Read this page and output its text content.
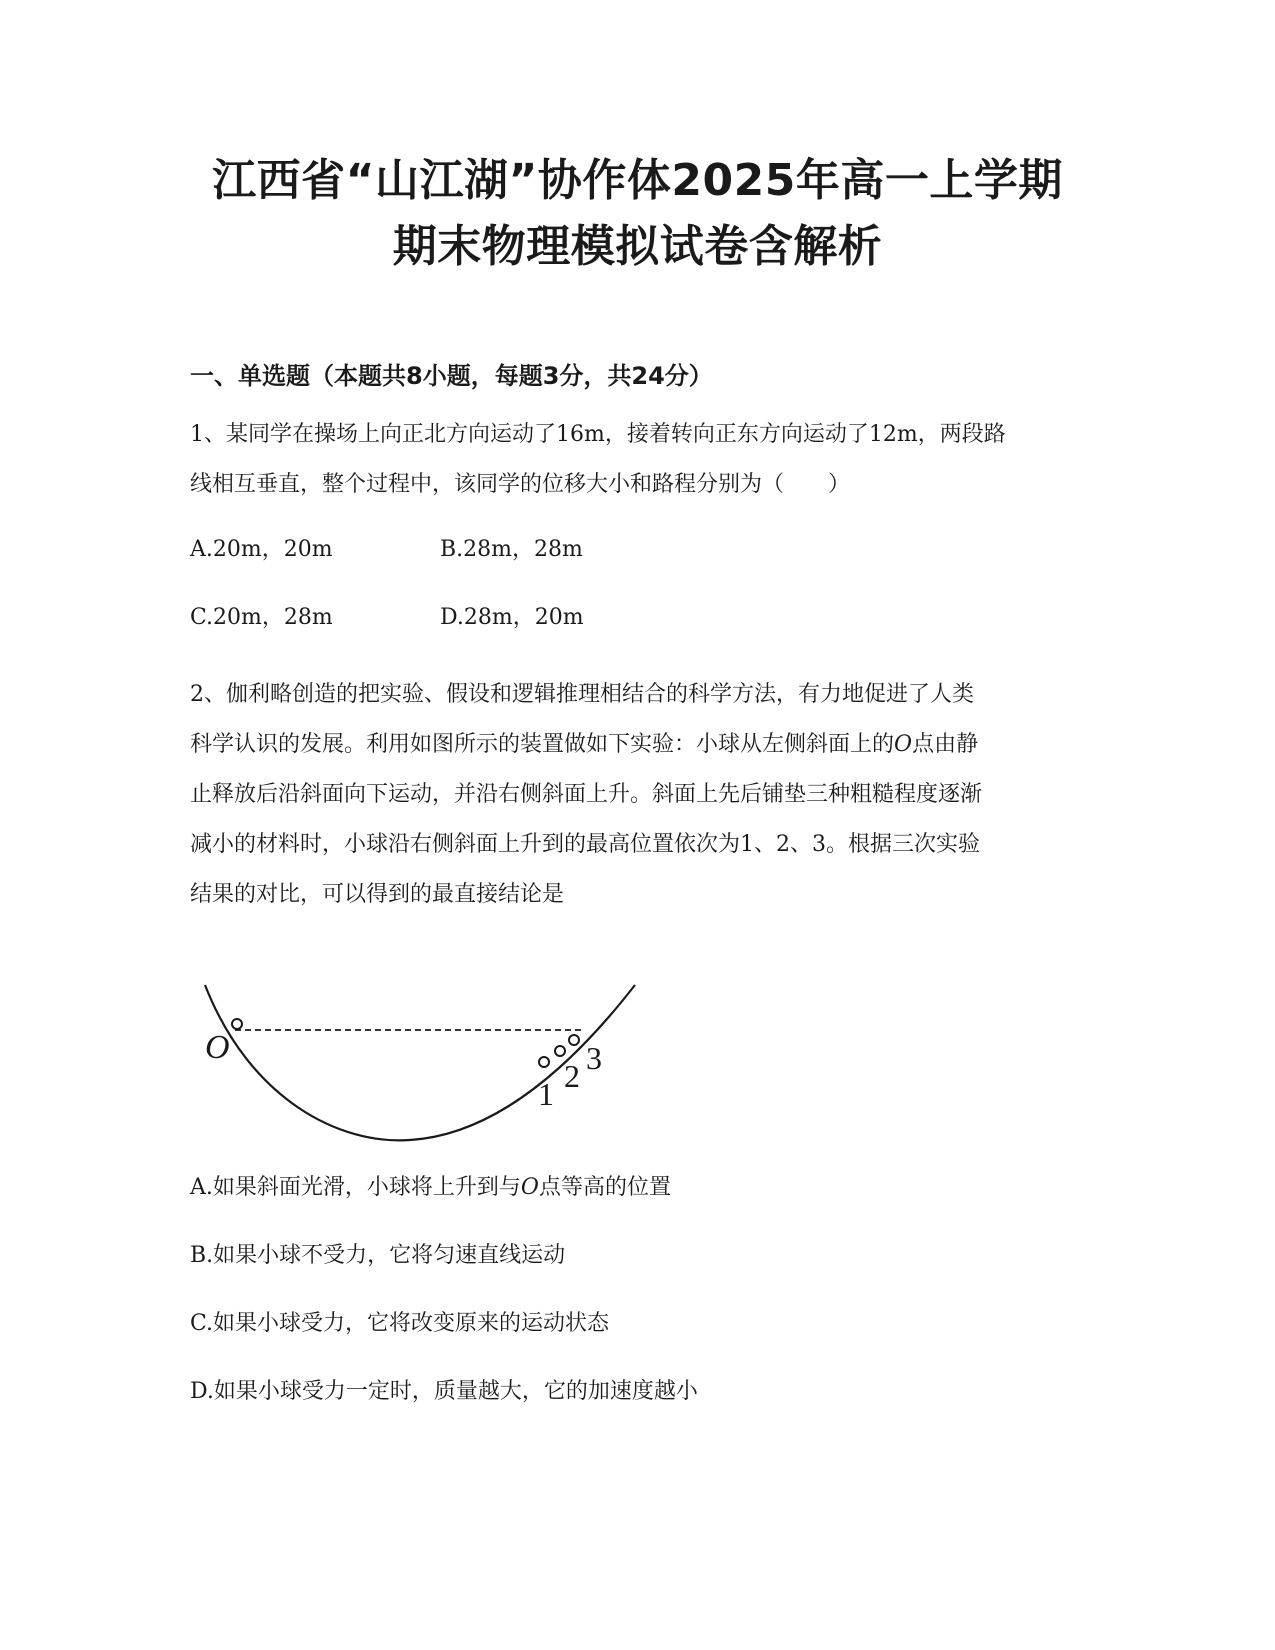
江西省“山江湖”协作体2025年高一上学期
期末物理模拟试卷含解析
一、单选题（本题共8小题，每题3分，共24分）
1、某同学在操场上向正北方向运动了16m，接着转向正东方向运动了12m，两段路
线相互垂直，整个过程中，该同学的位移大小和路程分别为（　　）
A.20m，20m	B.28m，28m
C.20m，28m	D.28m，20m
2、伽利略创造的把实验、假设和逻辑推理相结合的科学方法，有力地促进了人类
科学认识的发展。利用如图所示的装置做如下实验：小球从左侧斜面上的O点由静
止释放后沿斜面向下运动，并沿右侧斜面上升。斜面上先后铺垫三种粗糙程度逐渐
减小的材料时，小球沿右侧斜面上升到的最高位置依次为1、2、3。根据三次实验
结果的对比，可以得到的最直接结论是
O
1 2 3
A.如果斜面光滑，小球将上升到与O点等高的位置
B.如果小球不受力，它将匀速直线运动
C.如果小球受力，它将改变原来的运动状态
D.如果小球受力一定时，质量越大，它的加速度越小
